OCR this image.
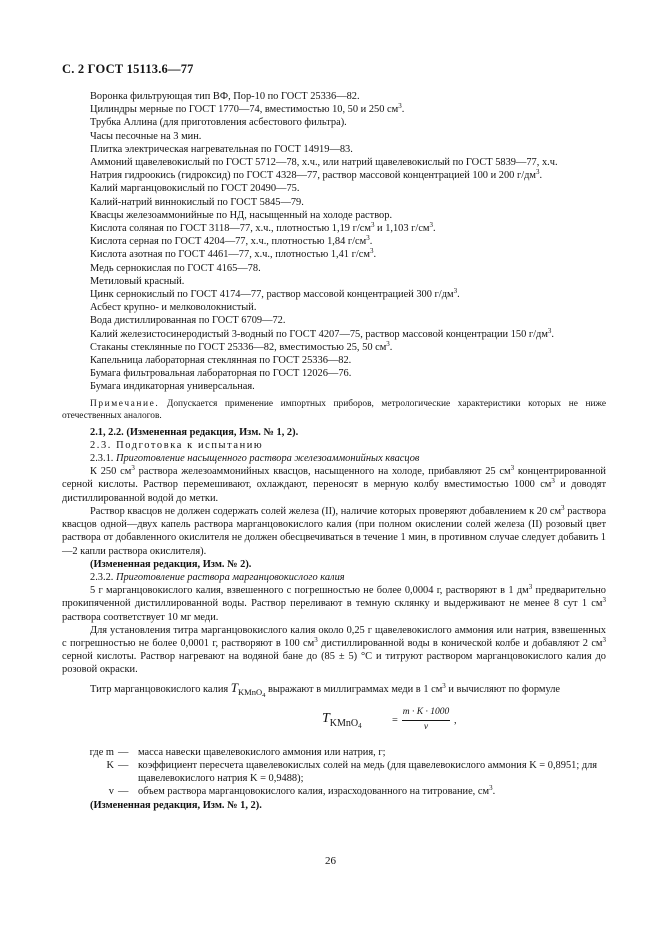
С. 2 ГОСТ 15113.6—77
Воронка фильтрующая тип ВФ, Пор-10 по ГОСТ 25336—82.
Цилиндры мерные по ГОСТ 1770—74, вместимостью 10, 50 и 250 $см^3$.
Трубка Аллина (для приготовления асбестового фильтра).
Часы песочные на 3 мин.
Плитка электрическая нагревательная по ГОСТ 14919—83.
Аммоний щавелевокислый по ГОСТ 5712—78, х.ч., или натрий щавелевокислый по ГОСТ 5839—77, х.ч.
Натрия гидроокись (гидроксид) по ГОСТ 4328—77, раствор массовой концентрацией 100 и 200 $г/дм^3$.
Калий марганцовокислый по ГОСТ 20490—75.
Калий-натрий виннокислый по ГОСТ 5845—79.
Квасцы железоаммонийные по НД, насыщенный на холоде раствор.
Кислота соляная по ГОСТ 3118—77, х.ч., плотностью 1,19 $г/см^3$ и 1,103 $г/см^3$.
Кислота серная по ГОСТ 4204—77, х.ч., плотностью 1,84 $г/см^3$.
Кислота азотная по ГОСТ 4461—77, х.ч., плотностью 1,41 $г/см^3$.
Медь сернокислая по ГОСТ 4165—78.
Метиловый красный.
Цинк сернокислый по ГОСТ 4174—77, раствор массовой концентрацией 300 $г/дм^3$.
Асбест крупно- и мелковолокнистый.
Вода дистиллированная по ГОСТ 6709—72.
Калий железистосинеродистый 3-водный по ГОСТ 4207—75, раствор массовой концентрации 150 $г/дм^3$.
Стаканы стеклянные по ГОСТ 25336—82, вместимостью 25, 50 $см^3$.
Капельница лабораторная стеклянная по ГОСТ 25336—82.
Бумага фильтровальная лабораторная по ГОСТ 12026—76.
Бумага индикаторная универсальная.
Примечание. Допускается применение импортных приборов, метрологические характеристики которых не ниже отечественных аналогов.
2.1, 2.2. (Измененная редакция, Изм. № 1, 2).
2.3. Подготовка к испытанию
2.3.1. Приготовление насыщенного раствора железоаммонийных квасцов
К 250 $см^3$ раствора железоаммонийных квасцов, насыщенного на холоде, прибавляют 25 $см^3$ концентрированной серной кислоты. Раствор перемешивают, охлаждают, переносят в мерную колбу вместимостью 1000 $см^3$ и доводят дистиллированной водой до метки.
Раствор квасцов не должен содержать солей железа (II), наличие которых проверяют добавлением к 20 $см^3$ раствора квасцов одной—двух капель раствора марганцовокислого калия (при полном окислении солей железа (II) розовый цвет раствора от добавленного окислителя не должен обесцвечиваться в течение 1 мин, в противном случае следует добавить 1—2 капли раствора окислителя).
(Измененная редакция, Изм. № 2).
2.3.2. Приготовление раствора марганцовокислого калия
5 г марганцовокислого калия, взвешенного с погрешностью не более 0,0004 г, растворяют в 1 $дм^3$ предварительно прокипяченной дистиллированной воды. Раствор переливают в темную склянку и выдерживают не менее 8 сут 1 $см^3$ раствора соответствует 10 мг меди.
Для установления титра марганцовокислого калия около 0,25 г щавелевокислого аммония или натрия, взвешенных с погрешностью не более 0,0001 г, растворяют в 100 $см^3$ дистиллированной воды в конической колбе и добавляют 2 $см^3$ серной кислоты. Раствор нагревают на водяной бане до (85 ± 5) °С и титруют раствором марганцовокислого калия до розовой окраски.
Титр марганцовокислого калия $T_{KMnO4}$ выражают в миллиграммах меди в 1 $см^3$ и вычисляют по формуле
$T_{KMnO4}$	= $\frac{m \cdot K \cdot 1000}{v}$ ,
где m	—	масса навески щавелевокислого аммония или натрия, г;
K	—	коэффициент пересчета щавелевокислых солей на медь (для щавелевокислого аммония K = 0,8951; для щавелевокислого натрия K = 0,9488);
v	—	объем раствора марганцовокислого калия, израсходованного на титрование, $см^3$.
(Измененная редакция, Изм. № 1, 2).
26
